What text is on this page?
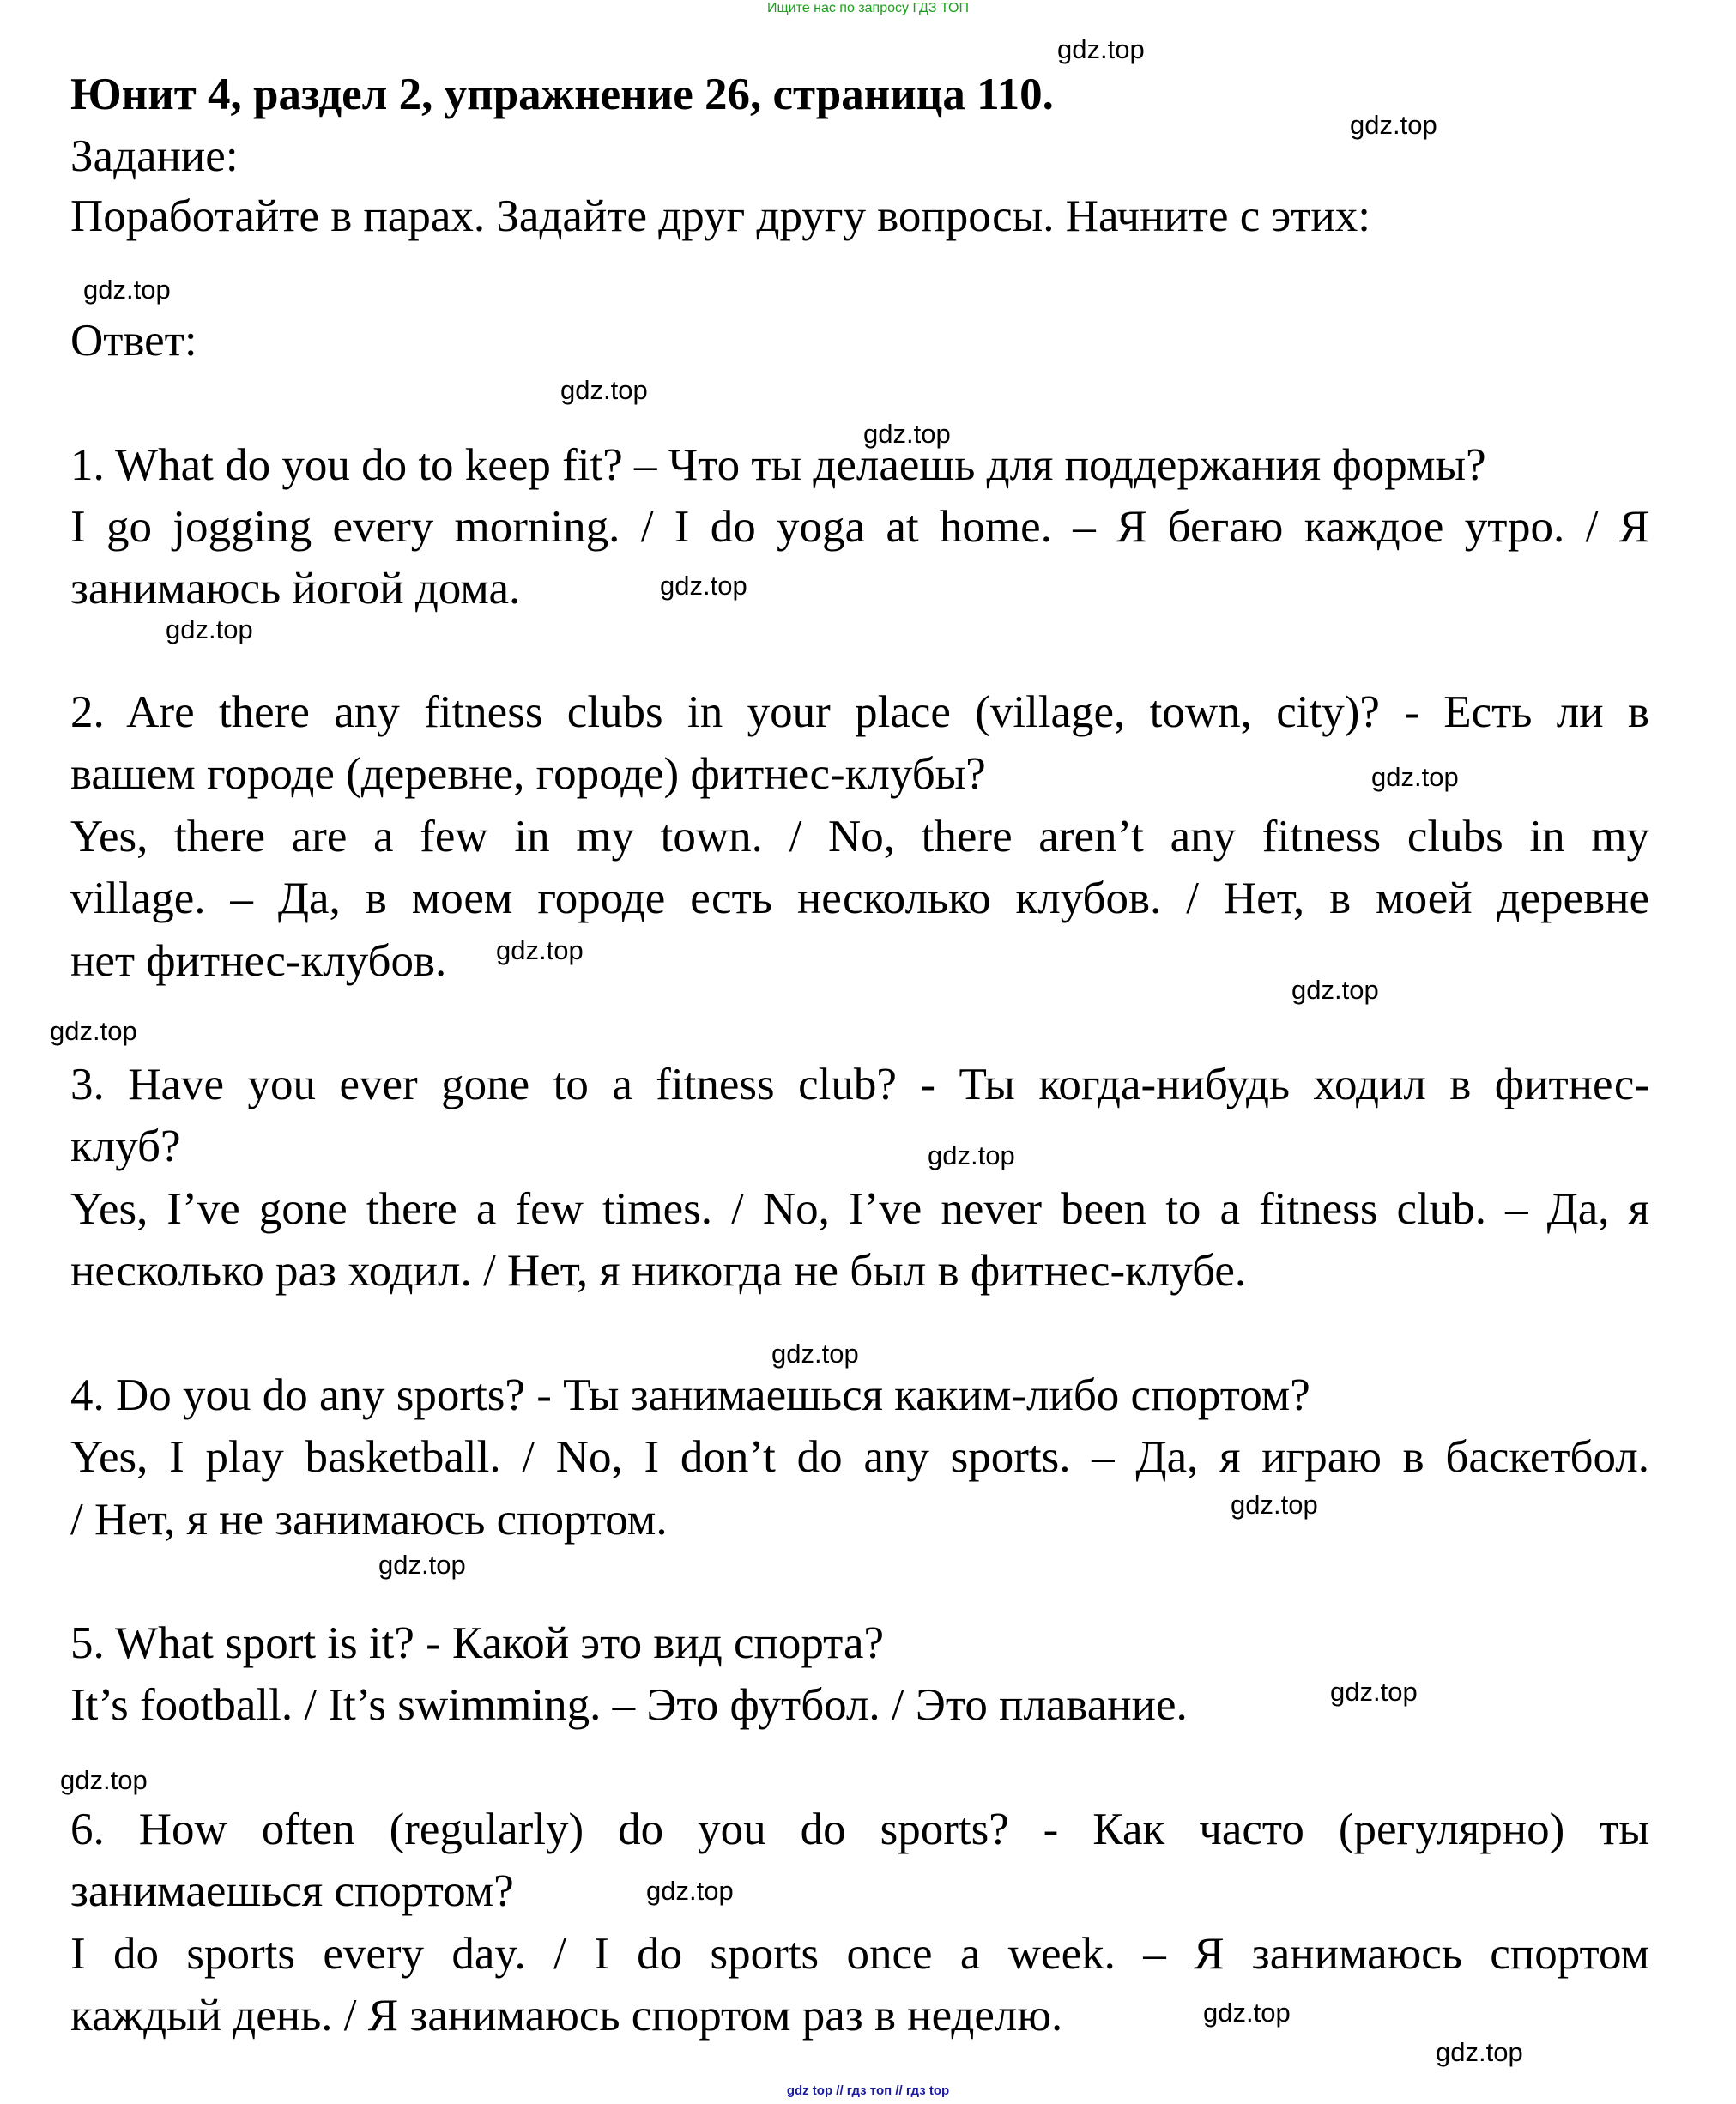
Ищите нас по запросу ГДЗ ТОП
Юнит 4, раздел 2, упражнение 26, страница 110.
Задание:
Поработайте в парах. Задайте друг другу вопросы. Начните с этих:
Ответ:
1. What do you do to keep fit? – Что ты делаешь для поддержания формы?
I go jogging every morning. / I do yoga at home. – Я бегаю каждое утро. / Я
занимаюсь йогой дома.
2. Are there any fitness clubs in your place (village, town, city)? - Есть ли в
вашем городе (деревне, городе) фитнес-клубы?
Yes, there are a few in my town. / No, there aren’t any fitness clubs in my
village. – Да, в моем городе есть несколько клубов. / Нет, в моей деревне
нет фитнес-клубов.
3. Have you ever gone to a fitness club? - Ты когда-нибудь ходил в фитнес-
клуб?
Yes, I’ve gone there a few times. / No, I’ve never been to a fitness club. – Да, я
несколько раз ходил. / Нет, я никогда не был в фитнес-клубе.
4. Do you do any sports? - Ты занимаешься каким-либо спортом?
Yes, I play basketball. / No, I don’t do any sports. – Да, я играю в баскетбол.
/ Нет, я не занимаюсь спортом.
5. What sport is it? - Какой это вид спорта?
It’s football. / It’s swimming. – Это футбол. / Это плавание.
6. How often (regularly) do you do sports? - Как часто (регулярно) ты
занимаешься спортом?
I do sports every day. / I do sports once a week. – Я занимаюсь спортом
каждый день. / Я занимаюсь спортом раз в неделю.
gdz.top
gdz.top
gdz.top
gdz.top
gdz.top
gdz.top
gdz.top
gdz.top
gdz.top
gdz.top
gdz.top
gdz.top
gdz.top
gdz.top
gdz.top
gdz.top
gdz.top
gdz.top
gdz.top
gdz.top
gdz top // гдз топ // гдз top
